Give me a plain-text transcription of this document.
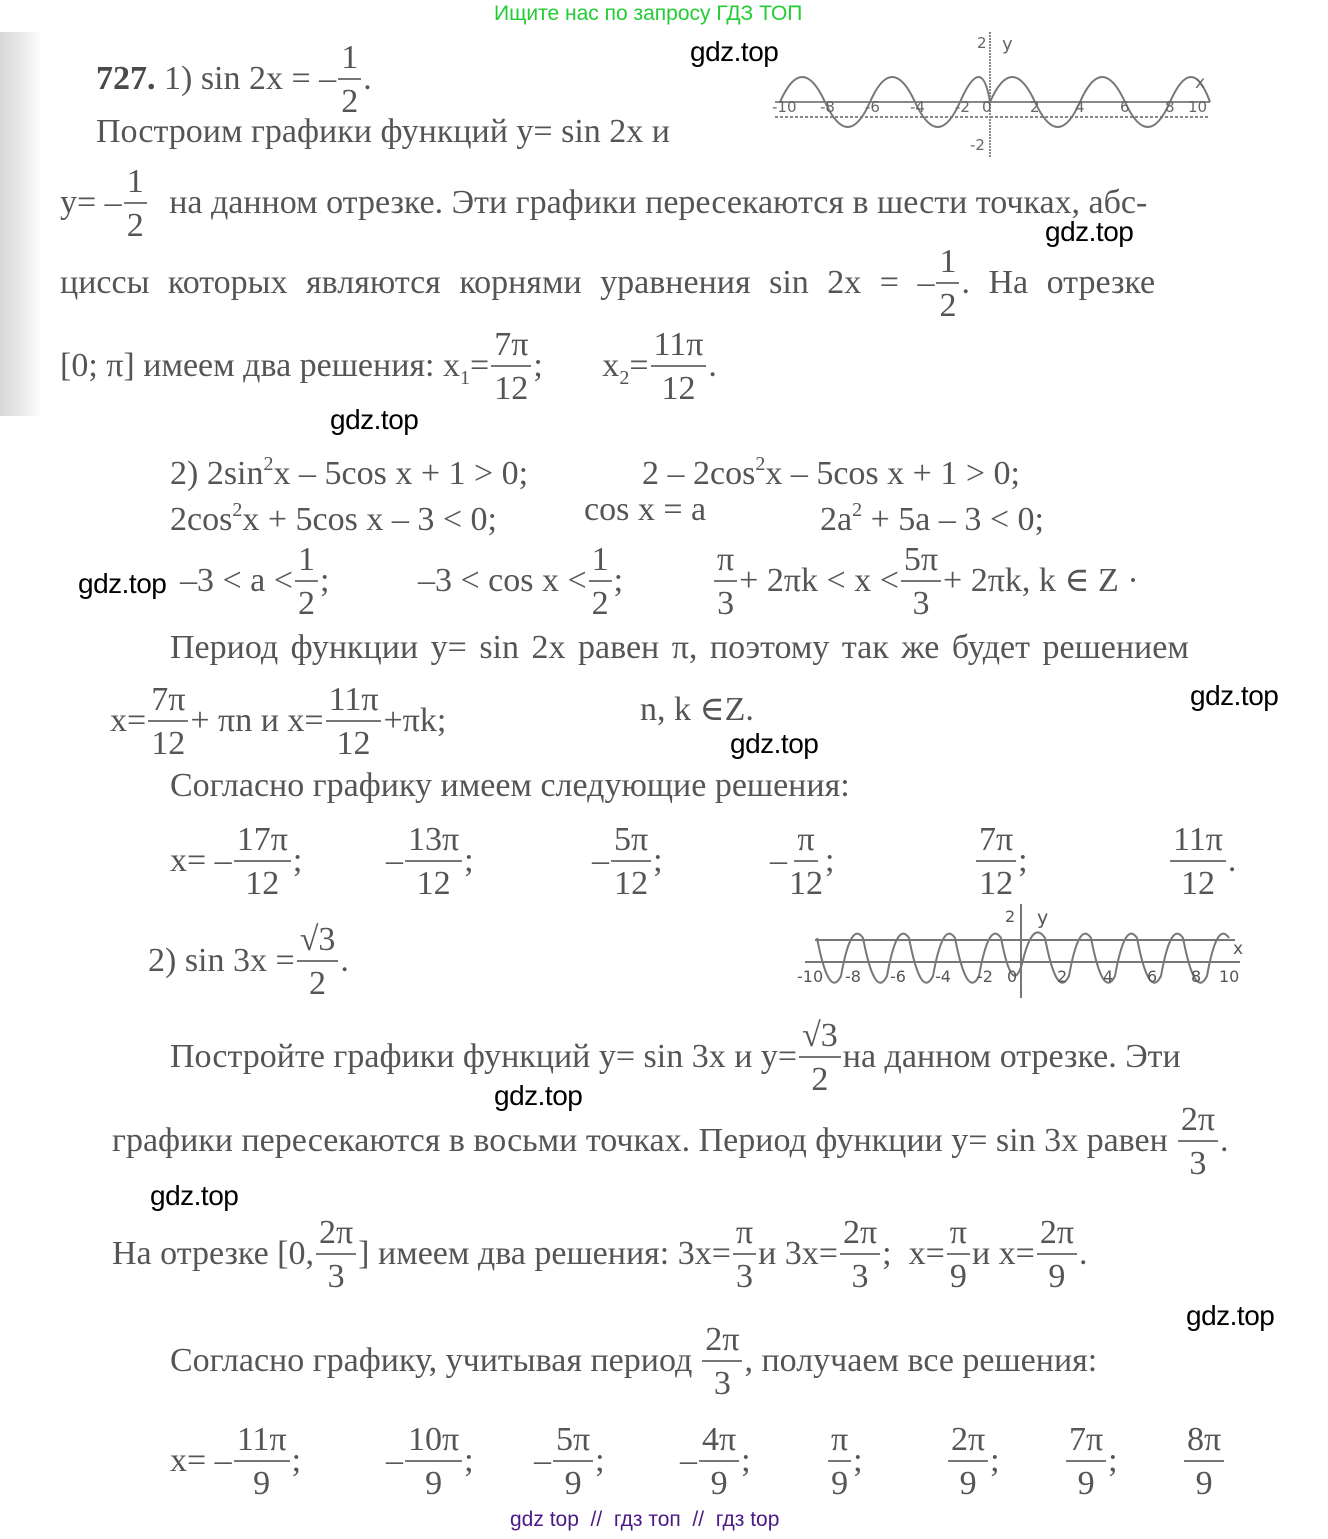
Ищите нас по запросу ГДЗ ТОП
727. 1) sin 2x = – $\frac{1}{2}$ .
gdz.top	2 y
-2
x
-10 -8 -6 -4 -2 0	2 4 6 8 10
Построим графики функций y= sin 2x и
$y= - \frac{1}{2}$ на данном отрезке. Эти графики пересекаются в шести точках, абс-
gdz.top
циссы которых являются корнями уравнения sin 2x = – $\frac{1}{2}$ . На отрезке
[0; π] имеем два решения: $x_1= \frac{7\pi}{12}$ ;       $x_2= \frac{11\pi}{12}$ .
gdz.top
2) $2\sin^2x - 5\cos$ x + 1 > 0;	$2 - 2\cos^2x - 5\cos$ x + 1 > 0;
$2\cos^2x + 5\cos$ x – 3 < 0;	cos x = a	$2a^2 + 5a - 3 < 0$;
$-3 < a < \frac{1}{2}$ ;	$-3 < \cos x < \frac{1}{2}$ ;	$\frac{\pi}{3} + 2\pi k < x < \frac{5\pi}{3} + 2\pi k$, k ∈ Z ·
gdz.top
Период функции y= sin 2x равен π, поэтому так же будет решением
$x= \frac{7\pi}{12} + \pi n$ и $x= \frac{11\pi}{12} +\pi k$;	n, k ∈Z.	gdz.top
gdz.top
Согласно графику имеем следующие решения:
$x= - \frac{17\pi}{12}$ ; – $\frac{13\pi}{12}$ ;	– $\frac{5\pi}{12}$ ;	– $\frac{\pi}{12}$ ;	$\frac{7\pi}{12}$ ;	$\frac{11\pi}{12}$ .
2) $\sin 3x = \frac{√3}{2}$ .
2 y
x
-10 -8 -6 -4 -2 0 2 4 6 8 10
Постройте графики функций y= sin 3x и $y= \frac{√3}{2}$ на данном отрезке. Эти
gdz.top
графики пересекаются в восьми точках. Период функции y= sin 3x равен $\frac{2\pi}{3}$ .
gdz.top
На отрезке [0, $\frac{2\pi}{3}$ ] имеем два решения: $3x= \frac{\pi}{3}$ и $3x= \frac{2\pi}{3}$ ;  $x= \frac{\pi}{9}$ и $x= \frac{2\pi}{9}$ .
gdz.top
Согласно графику, учитывая период $\frac{2\pi}{3}$ , получаем все решения:
$x= - \frac{11\pi}{9}$ ; – $\frac{10\pi}{9}$ ; – $\frac{5\pi}{9}$ ; – $\frac{4\pi}{9}$ ; $\frac{\pi}{9}$ ;	$\frac{2\pi}{9}$ ; $\frac{7\pi}{9}$ ; $\frac{8\pi}{9}$
gdz top  //  гдз топ  //  гдз top
